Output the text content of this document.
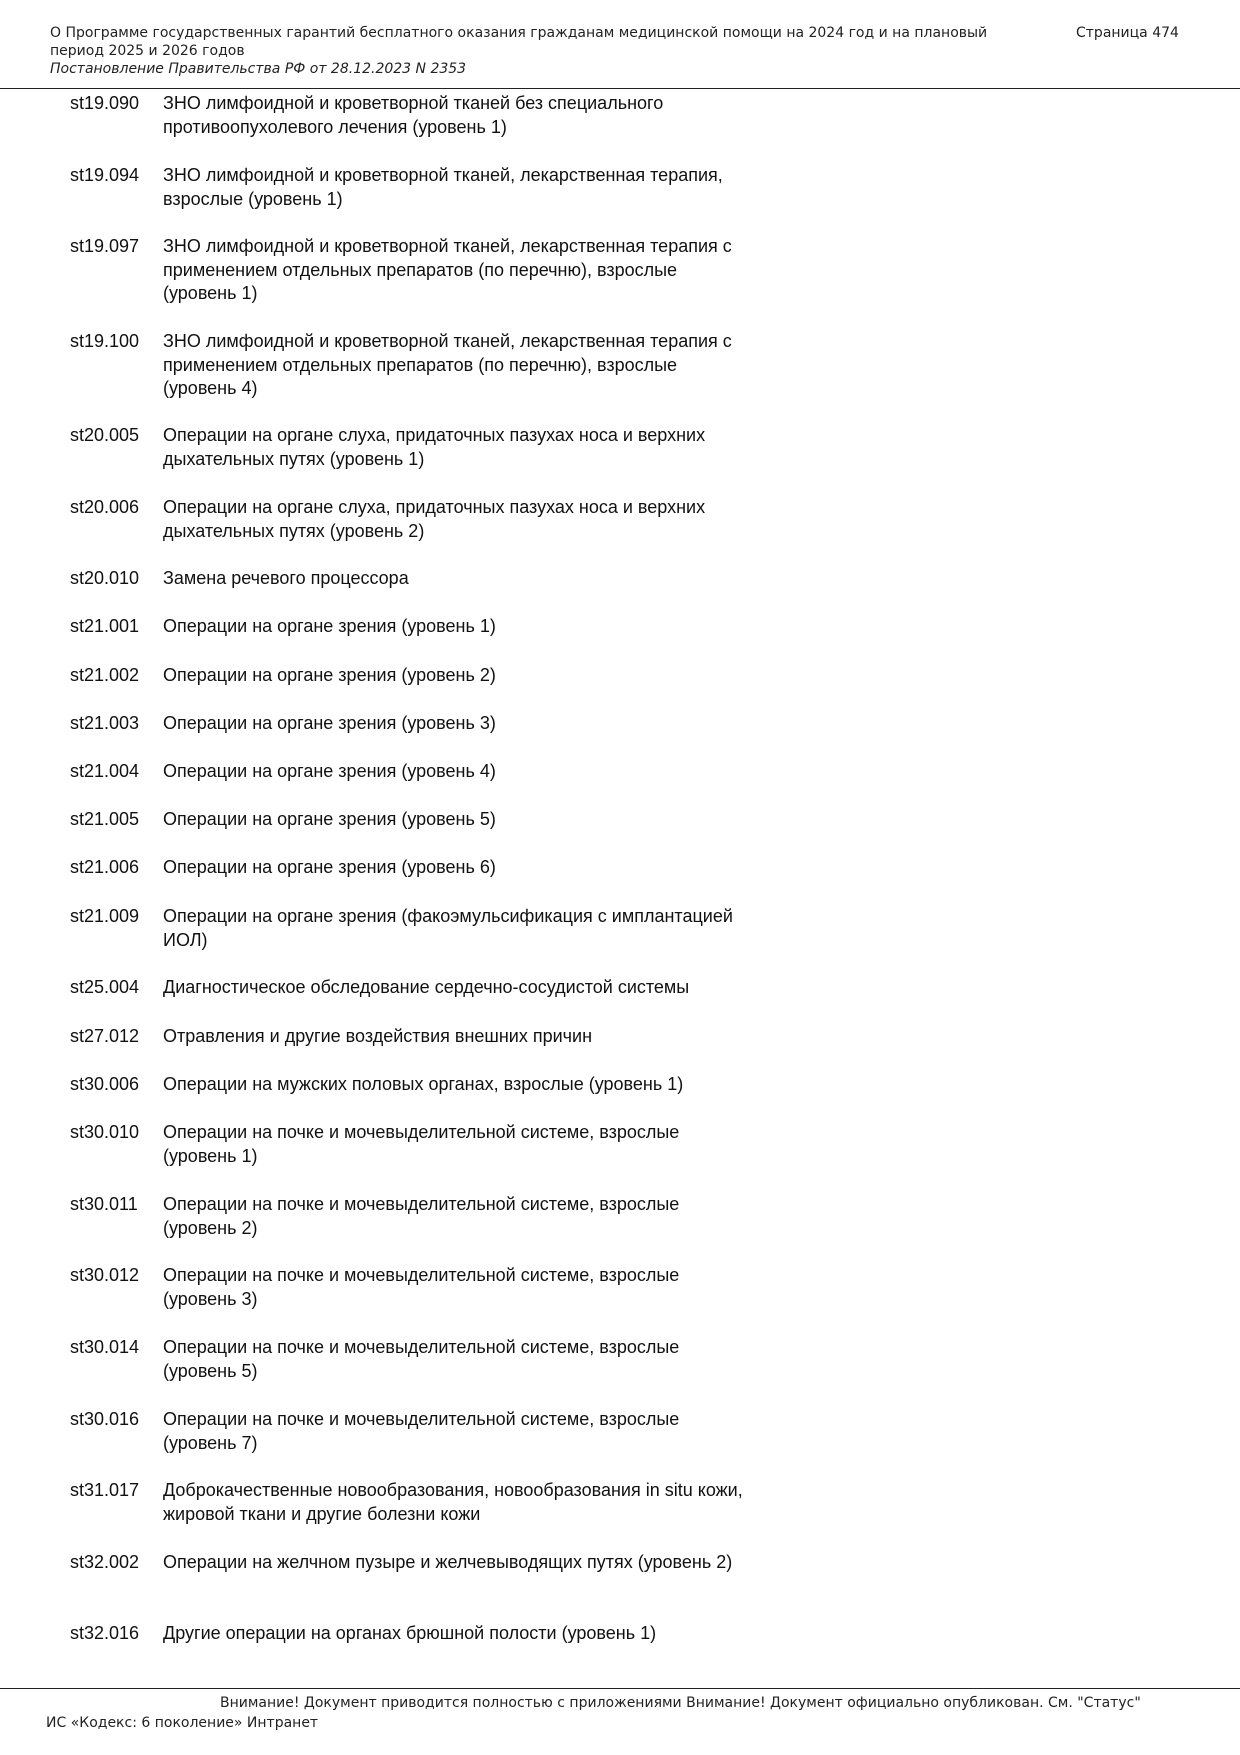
О Программе государственных гарантий бесплатного оказания гражданам медицинской помощи на 2024 год и на плановый период 2025 и 2026 годов
Постановление Правительства РФ от 28.12.2023 N 2353
Страница 474
st19.090	ЗНО лимфоидной и кроветворной тканей без специального противоопухолевого лечения (уровень 1)
st19.094	ЗНО лимфоидной и кроветворной тканей, лекарственная терапия, взрослые (уровень 1)
st19.097	ЗНО лимфоидной и кроветворной тканей, лекарственная терапия с применением отдельных препаратов (по перечню), взрослые (уровень 1)
st19.100	ЗНО лимфоидной и кроветворной тканей, лекарственная терапия с применением отдельных препаратов (по перечню), взрослые (уровень 4)
st20.005	Операции на органе слуха, придаточных пазухах носа и верхних дыхательных путях (уровень 1)
st20.006	Операции на органе слуха, придаточных пазухах носа и верхних дыхательных путях (уровень 2)
st20.010	Замена речевого процессора
st21.001	Операции на органе зрения (уровень 1)
st21.002	Операции на органе зрения (уровень 2)
st21.003	Операции на органе зрения (уровень 3)
st21.004	Операции на органе зрения (уровень 4)
st21.005	Операции на органе зрения (уровень 5)
st21.006	Операции на органе зрения (уровень 6)
st21.009	Операции на органе зрения (факоэмульсификация с имплантацией ИОЛ)
st25.004	Диагностическое обследование сердечно-сосудистой системы
st27.012	Отравления и другие воздействия внешних причин
st30.006	Операции на мужских половых органах, взрослые (уровень 1)
st30.010	Операции на почке и мочевыделительной системе, взрослые (уровень 1)
st30.011	Операции на почке и мочевыделительной системе, взрослые (уровень 2)
st30.012	Операции на почке и мочевыделительной системе, взрослые (уровень 3)
st30.014	Операции на почке и мочевыделительной системе, взрослые (уровень 5)
st30.016	Операции на почке и мочевыделительной системе, взрослые (уровень 7)
st31.017	Доброкачественные новообразования, новообразования in situ кожи, жировой ткани и другие болезни кожи
st32.002	Операции на желчном пузыре и желчевыводящих путях (уровень 2)
st32.016	Другие операции на органах брюшной полости (уровень 1)
Внимание! Документ приводится полностью с приложениями Внимание! Документ официально опубликован. См. "Статус"
ИС «Кодекс: 6 поколение» Интранет
